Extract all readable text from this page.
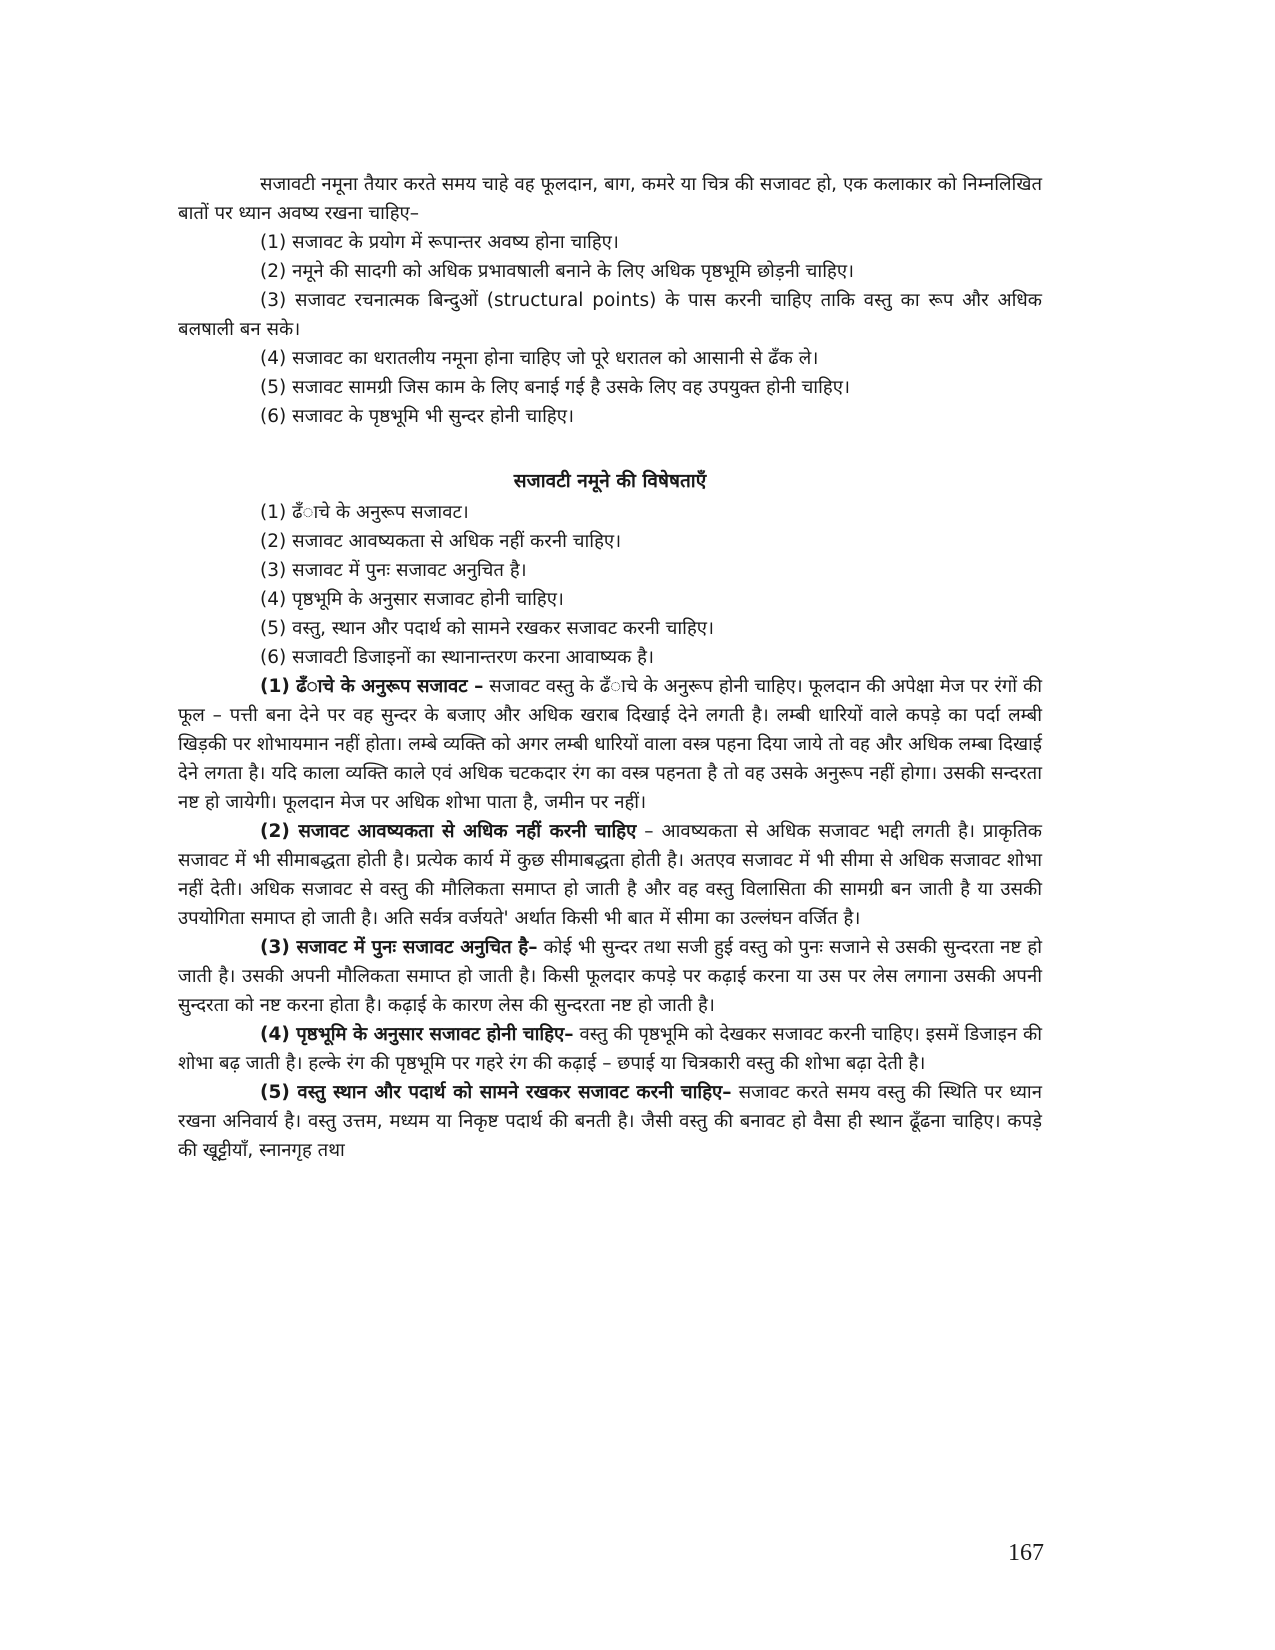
सजावटी नमूना तैयार करते समय चाहे वह फूलदान, बाग, कमरे या चित्र की सजावट हो, एक कलाकार को निम्नलिखित बातों पर ध्यान अवष्य रखना चाहिए–

(1) सजावट के प्रयोग में रूपान्तर अवष्य होना चाहिए।

(2) नमूने की सादगी को अधिक प्रभावषाली बनाने के लिए अधिक पृष्ठभूमि छोड़नी चाहिए।

(3) सजावट रचनात्मक बिन्दुओं (structural points) के पास करनी चाहिए ताकि वस्तु का रूप और अधिक बलषाली बन सके।

(4) सजावट का धरातलीय नमूना होना चाहिए जो पूरे धरातल को आसानी से ढँक ले।

(5) सजावट सामग्री जिस काम के लिए बनाई गई है उसके लिए वह उपयुक्त होनी चाहिए।

(6) सजावट के पृष्ठभूमि भी सुन्दर होनी चाहिए।

सजावटी नमूने की विषेषताएँ

(1) ढँाचे के अनुरूप सजावट।

(2) सजावट आवष्यकता से अधिक नहीं करनी चाहिए।

(3) सजावट में पुनः सजावट अनुचित है।

(4) पृष्ठभूमि के अनुसार सजावट होनी चाहिए।

(5) वस्तु, स्थान और पदार्थ को सामने रखकर सजावट करनी चाहिए।

(6) सजावटी डिजाइनों का स्थानान्तरण करना आवाष्यक है।

(1) ढँाचे के अनुरूप सजावट – सजावट वस्तु के ढँाचे के अनुरूप होनी चाहिए। फूलदान की अपेक्षा मेज पर रंगों की फूल – पत्ती बना देने पर वह सुन्दर के बजाए और अधिक खराब दिखाई देने लगती है। लम्बी धारियों वाले कपड़े का पर्दा लम्बी खिड़की पर शोभायमान नहीं होता। लम्बे व्यक्ति को अगर लम्बी धारियों वाला वस्त्र पहना दिया जाये तो वह और अधिक लम्बा दिखाई देने लगता है। यदि काला व्यक्ति काले एवं अधिक चटकदार रंग का वस्त्र पहनता है तो वह उसके अनुरूप नहीं होगा। उसकी सन्दरता नष्ट हो जायेगी। फूलदान मेज पर अधिक शोभा पाता है, जमीन पर नहीं।

(2) सजावट आवष्यकता से अधिक नहीं करनी चाहिए – आवष्यकता से अधिक सजावट भद्दी लगती है। प्राकृतिक सजावट में भी सीमाबद्धता होती है। प्रत्येक कार्य में कुछ सीमाबद्धता होती है। अतएव सजावट में भी सीमा से अधिक सजावट शोभा नहीं देती। अधिक सजावट से वस्तु की मौलिकता समाप्त हो जाती है और वह वस्तु विलासिता की सामग्री बन जाती है या उसकी उपयोगिता समाप्त हो जाती है। अति सर्वत्र वर्जयते' अर्थात किसी भी बात में सीमा का उल्लंघन वर्जित है।

(3) सजावट में पुनः सजावट अनुचित है– कोई भी सुन्दर तथा सजी हुई वस्तु को पुनः सजाने से उसकी सुन्दरता नष्ट हो जाती है। उसकी अपनी मौलिकता समाप्त हो जाती है। किसी फूलदार कपड़े पर कढ़ाई करना या उस पर लेस लगाना उसकी अपनी सुन्दरता को नष्ट करना होता है। कढ़ाई के कारण लेस की सुन्दरता नष्ट हो जाती है।

(4) पृष्ठभूमि के अनुसार सजावट होनी चाहिए– वस्तु की पृष्ठभूमि को देखकर सजावट करनी चाहिए। इसमें डिजाइन की शोभा बढ़ जाती है। हल्के रंग की पृष्ठभूमि पर गहरे रंग की कढ़ाई – छपाई या चित्रकारी वस्तु की शोभा बढ़ा देती है।

(5) वस्तु स्थान और पदार्थ को सामने रखकर सजावट करनी चाहिए– सजावट करते समय वस्तु की स्थिति पर ध्यान रखना अनिवार्य है। वस्तु उत्तम, मध्यम या निकृष्ट पदार्थ की बनती है। जैसी वस्तु की बनावट हो वैसा ही स्थान ढूँढना चाहिए। कपड़े की खूट्टीयाँ, स्नानगृह तथा

167
